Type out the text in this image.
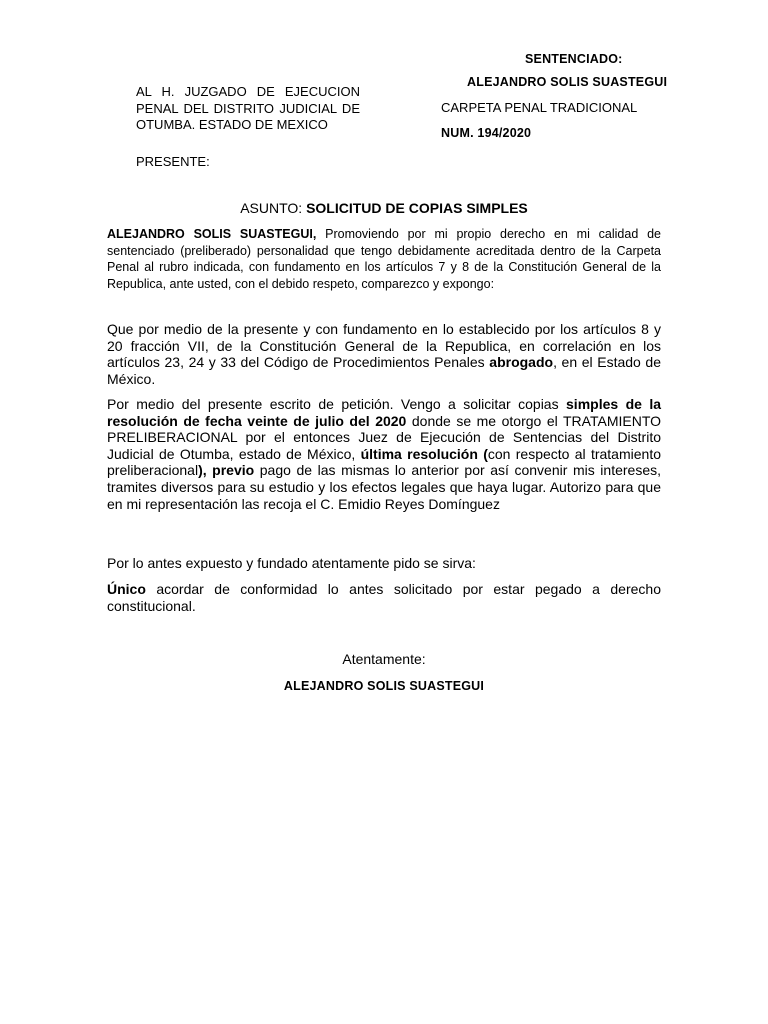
SENTENCIADO:
ALEJANDRO SOLIS SUASTEGUI
CARPETA PENAL TRADICIONAL
NUM. 194/2020
AL H. JUZGADO DE EJECUCION PENAL DEL DISTRITO JUDICIAL DE OTUMBA. ESTADO DE MEXICO
PRESENTE:
ASUNTO: SOLICITUD DE COPIAS SIMPLES
ALEJANDRO SOLIS SUASTEGUI, Promoviendo por mi propio derecho en mi calidad de sentenciado (preliberado) personalidad que tengo debidamente acreditada dentro de la Carpeta Penal al rubro indicada, con fundamento en los artículos 7 y 8 de la Constitución General de la Republica, ante usted, con el debido respeto, comparezco y expongo:
Que por medio de la presente y con fundamento en lo establecido por los artículos 8 y 20 fracción VII, de la Constitución General de la Republica, en correlación en los artículos 23, 24 y 33 del Código de Procedimientos Penales abrogado, en el Estado de México.
Por medio del presente escrito de petición. Vengo a solicitar copias simples de la resolución de fecha veinte de julio del 2020 donde se me otorgo el TRATAMIENTO PRELIBERACIONAL por el entonces Juez de Ejecución de Sentencias del Distrito Judicial de Otumba, estado de México, última resolución (con respecto al tratamiento preliberacional), previo pago de las mismas lo anterior por así convenir mis intereses, tramites diversos para su estudio y los efectos legales que haya lugar. Autorizo para que en mi representación las recoja el C. Emidio Reyes Domínguez
Por lo antes expuesto y fundado atentamente pido se sirva:
Único acordar de conformidad lo antes solicitado por estar pegado a derecho constitucional.
Atentamente:
ALEJANDRO SOLIS SUASTEGUI
